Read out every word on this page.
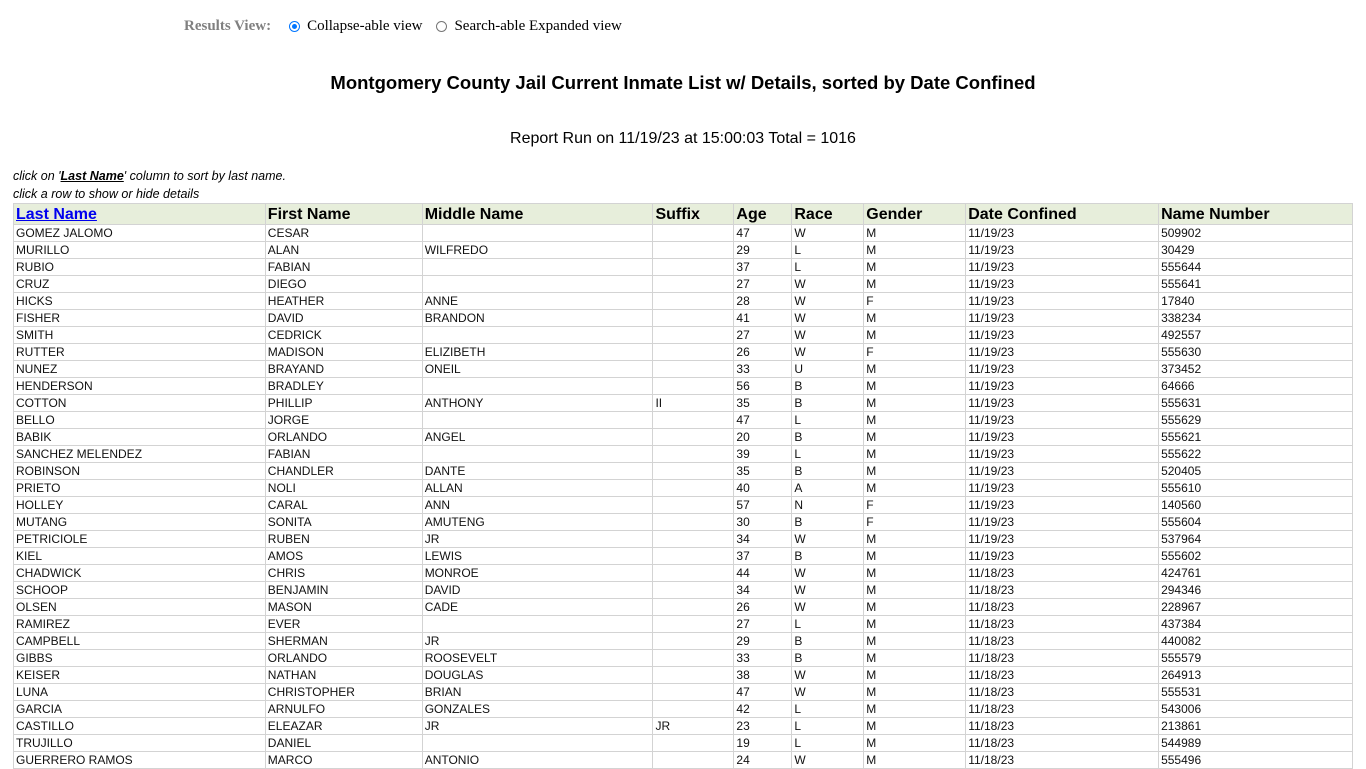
Results View: Collapse-able view Search-able Expanded view
Montgomery County Jail Current Inmate List w/ Details, sorted by Date Confined
Report Run on 11/19/23 at 15:00:03 Total = 1016
click on 'Last Name' column to sort by last name.
click a row to show or hide details
Last Name	First Name	Middle Name	Suffix	Age	Race	Gender	Date Confined	Name Number
GOMEZ JALOMO	CESAR			47	W	M	11/19/23	509902
MURILLO	ALAN	WILFREDO		29	L	M	11/19/23	30429
RUBIO	FABIAN			37	L	M	11/19/23	555644
CRUZ	DIEGO			27	W	M	11/19/23	555641
HICKS	HEATHER	ANNE		28	W	F	11/19/23	17840
FISHER	DAVID	BRANDON		41	W	M	11/19/23	338234
SMITH	CEDRICK			27	W	M	11/19/23	492557
RUTTER	MADISON	ELIZIBETH		26	W	F	11/19/23	555630
NUNEZ	BRAYAND	ONEIL		33	U	M	11/19/23	373452
HENDERSON	BRADLEY			56	B	M	11/19/23	64666
COTTON	PHILLIP	ANTHONY	II	35	B	M	11/19/23	555631
BELLO	JORGE			47	L	M	11/19/23	555629
BABIK	ORLANDO	ANGEL		20	B	M	11/19/23	555621
SANCHEZ MELENDEZ	FABIAN			39	L	M	11/19/23	555622
ROBINSON	CHANDLER	DANTE		35	B	M	11/19/23	520405
PRIETO	NOLI	ALLAN		40	A	M	11/19/23	555610
HOLLEY	CARAL	ANN		57	N	F	11/19/23	140560
MUTANG	SONITA	AMUTENG		30	B	F	11/19/23	555604
PETRICIOLE	RUBEN	JR		34	W	M	11/19/23	537964
KIEL	AMOS	LEWIS		37	B	M	11/19/23	555602
CHADWICK	CHRIS	MONROE		44	W	M	11/18/23	424761
SCHOOP	BENJAMIN	DAVID		34	W	M	11/18/23	294346
OLSEN	MASON	CADE		26	W	M	11/18/23	228967
RAMIREZ	EVER			27	L	M	11/18/23	437384
CAMPBELL	SHERMAN	JR		29	B	M	11/18/23	440082
GIBBS	ORLANDO	ROOSEVELT		33	B	M	11/18/23	555579
KEISER	NATHAN	DOUGLAS		38	W	M	11/18/23	264913
LUNA	CHRISTOPHER	BRIAN		47	W	M	11/18/23	555531
GARCIA	ARNULFO	GONZALES		42	L	M	11/18/23	543006
CASTILLO	ELEAZAR	JR	JR	23	L	M	11/18/23	213861
TRUJILLO	DANIEL			19	L	M	11/18/23	544989
GUERRERO RAMOS	MARCO	ANTONIO		24	W	M	11/18/23	555496
